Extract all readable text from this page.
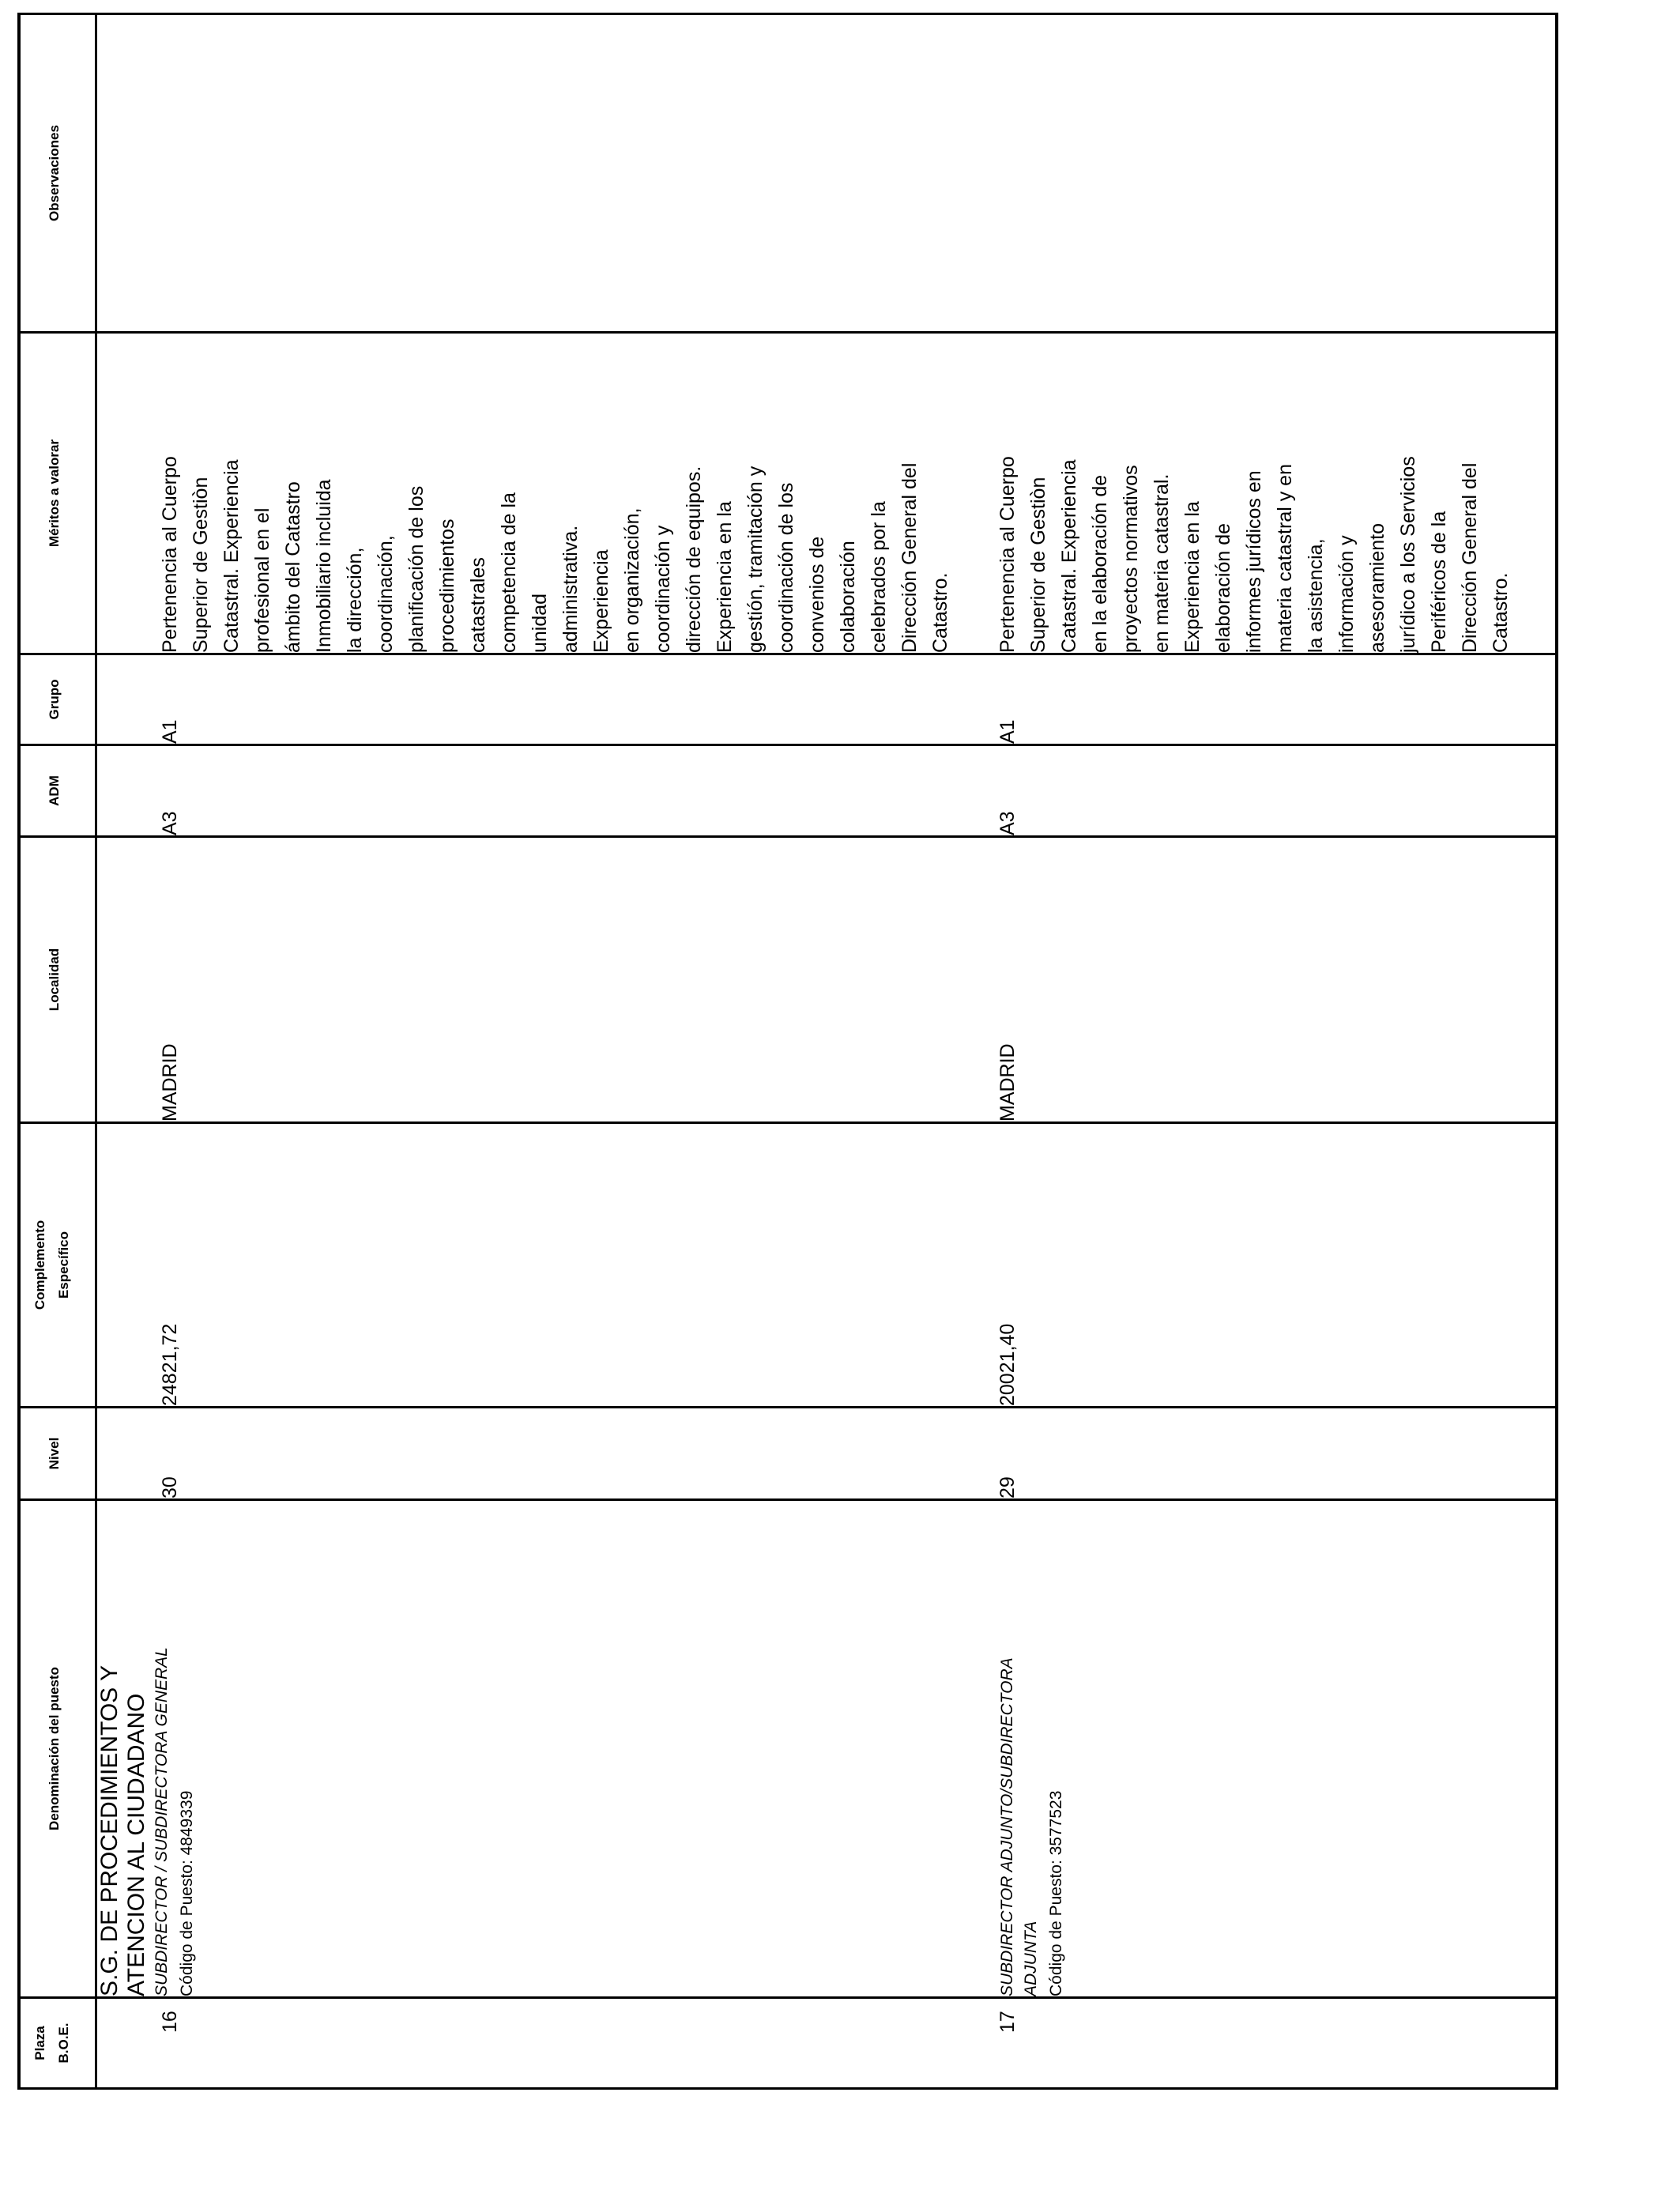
Plaza B.O.E.
Denominación del puesto
Nivel
Complemento Específico
Localidad
ADM
Grupo
Méritos a valorar
Observaciones
16
S.G. DE PROCEDIMIENTOS Y ATENCION AL CIUDADANO SUBDIRECTOR / SUBDIRECTORA GENERAL Código de Puesto: 4849339
30
24821,72
MADRID
A3
A1
Pertenencia al Cuerpo Superior de Gestiòn Catastral. Experiencia profesional en el ámbito del Catastro Inmobiliario incluida la dirección, coordinación, planificación de los procedimientos catastrales competencia de la unidad administrativa. Experiencia en organización, coordinación y dirección de equipos. Experiencia en la gestión, tramitación y coordinación de los convenios de colaboración celebrados por la Dirección General del Catastro.
17
SUBDIRECTOR ADJUNTO/SUBDIRECTORA ADJUNTA Código de Puesto: 3577523
29
20021,40
MADRID
A3
A1
Pertenencia al Cuerpo Superior de Gestiòn Catastral. Experiencia en la elaboración de proyectos normativos en materia catastral. Experiencia en la elaboración de informes jurídicos en materia catastral y en la asistencia, información y asesoramiento jurídico a los Servicios Periféricos de la Dirección General del Catastro.
